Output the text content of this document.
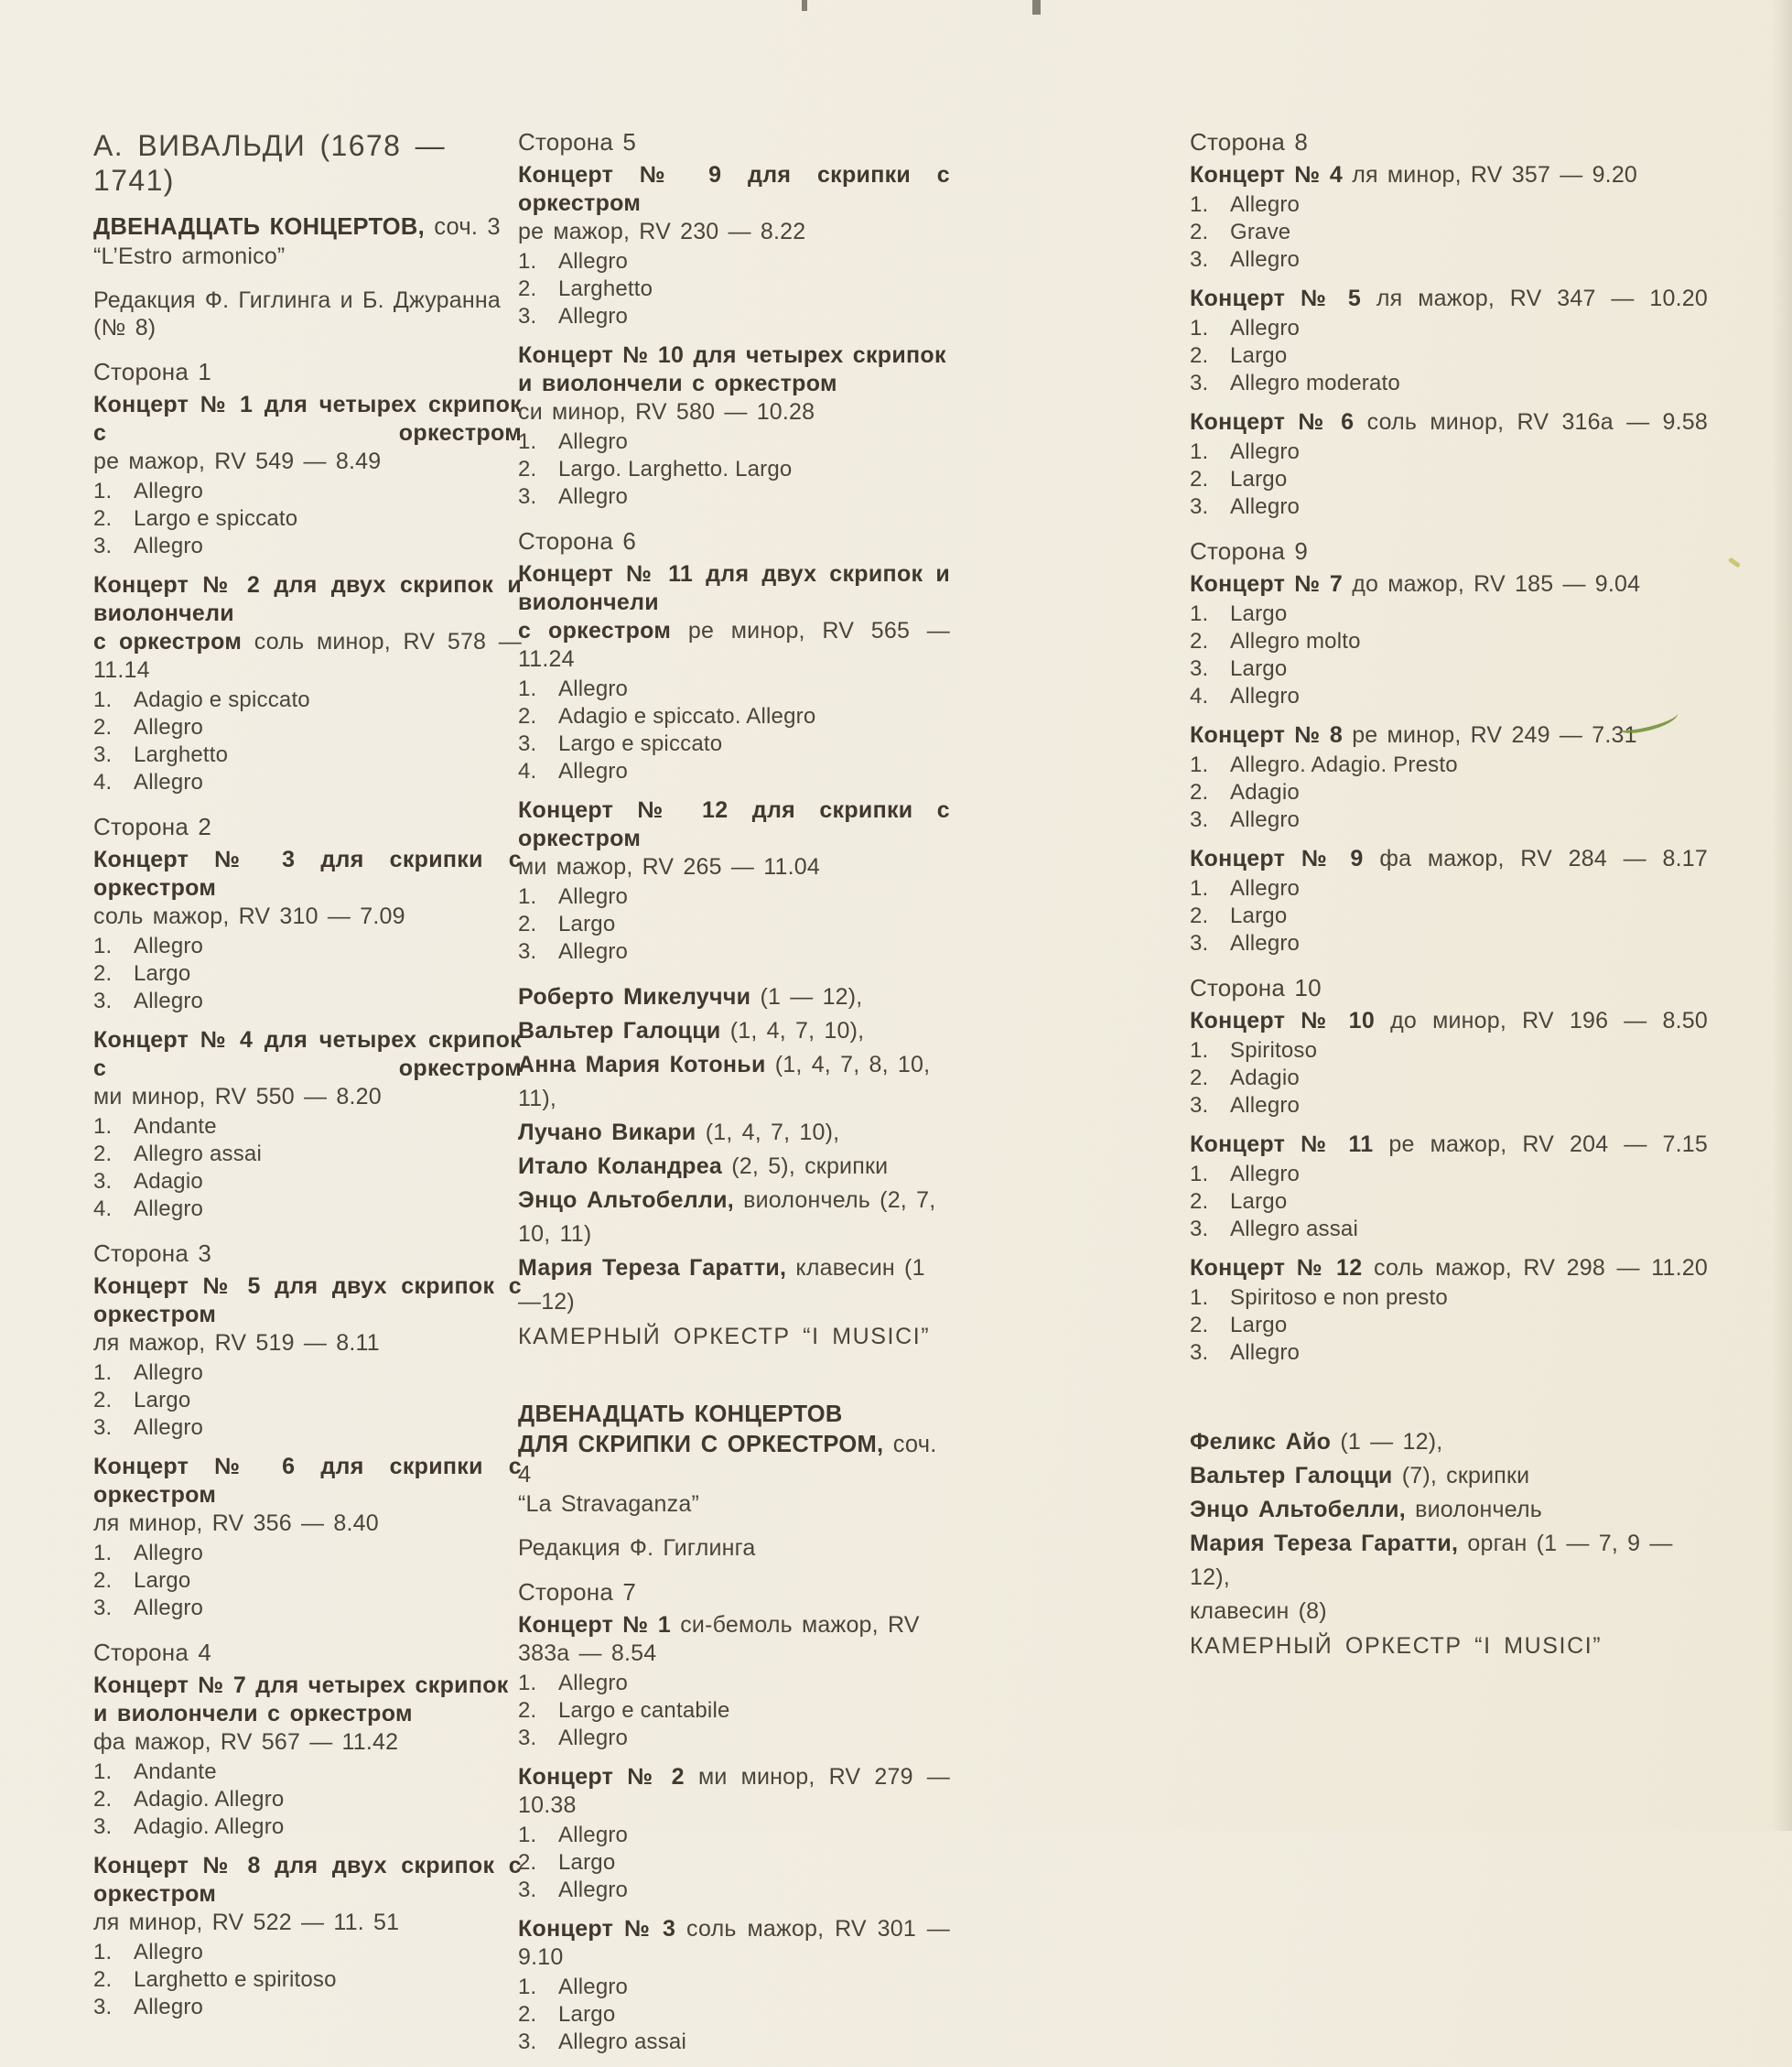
А. ВИВАЛЬДИ (1678 — 1741)

ДВЕНАДЦАТЬ КОНЦЕРТОВ, соч. 3

“L’Estro armonico”

Редакция Ф. Гиглинга и Б. Джуранна (№ 8)

Сторона 1

Концерт № 1 для четырех скрипок с оркестром

ре мажор, RV 549 — 8.49

1. Allegro

2. Largo e spiccato

3. Allegro

Концерт № 2 для двух скрипок и виолончели

с оркестром соль минор, RV 578 — 11.14

1. Adagio e spiccato

2. Allegro

3. Larghetto

4. Allegro

Сторона 2

Концерт № 3 для скрипки с оркестром

соль мажор, RV 310 — 7.09

1. Allegro

2. Largo

3. Allegro

Концерт № 4 для четырех скрипок с оркестром

ми минор, RV 550 — 8.20

1. Andante

2. Allegro assai

3. Adagio

4. Allegro

Сторона 3

Концерт № 5 для двух скрипок с оркестром

ля мажор, RV 519 — 8.11

1. Allegro

2. Largo

3. Allegro

Концерт № 6 для скрипки с оркестром

ля минор, RV 356 — 8.40

1. Allegro

2. Largo

3. Allegro

Сторона 4

Концерт № 7 для четырех скрипок

и виолончели с оркестром

фа мажор, RV 567 — 11.42

1. Andante

2. Adagio. Allegro

3. Adagio. Allegro

Концерт № 8 для двух скрипок с оркестром

ля минор, RV 522 — 11. 51

1. Allegro

2. Larghetto e spiritoso

3. Allegro

Сторона 5

Концерт № 9 для скрипки с оркестром

ре мажор, RV 230 — 8.22

1. Allegro

2. Larghetto

3. Allegro

Концерт № 10 для четырех скрипок

и виолончели с оркестром

си минор, RV 580 — 10.28

1. Allegro

2. Largo. Larghetto. Largo

3. Allegro

Сторона 6

Концерт № 11 для двух скрипок и виолончели

с оркестром ре минор, RV 565 — 11.24

1. Allegro

2. Adagio e spiccato. Allegro

3. Largo e spiccato

4. Allegro

Концерт № 12 для скрипки с оркестром

ми мажор, RV 265 — 11.04

1. Allegro

2. Largo

3. Allegro

Роберто Микелуччи (1 — 12),

Вальтер Галоцци (1, 4, 7, 10),

Анна Мария Котоньи (1, 4, 7, 8, 10, 11),

Лучано Викари (1, 4, 7, 10),

Итало Коландреа (2, 5), скрипки

Энцо Альтобелли, виолончель (2, 7, 10, 11)

Мария Тереза Гаратти, клавесин (1 —12)

КАМЕРНЫЙ ОРКЕСТР “I MUSICI”

ДВЕНАДЦАТЬ КОНЦЕРТОВ

ДЛЯ СКРИПКИ С ОРКЕСТРОМ, соч. 4

“La Stravaganza”

Редакция Ф. Гиглинга

Сторона 7

Концерт № 1 си-бемоль мажор, RV 383a — 8.54

1. Allegro

2. Largo e cantabile

3. Allegro

Концерт № 2 ми минор, RV 279 — 10.38

1. Allegro

2. Largo

3. Allegro

Концерт № 3 соль мажор, RV 301 — 9.10

1. Allegro

2. Largo

3. Allegro assai

Сторона 8

Концерт № 4 ля минор, RV 357 — 9.20

1. Allegro

2. Grave

3. Allegro

Концерт № 5 ля мажор, RV 347 — 10.20

1. Allegro

2. Largo

3. Allegro moderato

Концерт № 6 соль минор, RV 316a — 9.58

1. Allegro

2. Largo

3. Allegro

Сторона 9

Концерт № 7 до мажор, RV 185 — 9.04

1. Largo

2. Allegro molto

3. Largo

4. Allegro

Концерт № 8 ре минор, RV 249 — 7.31

1. Allegro. Adagio. Presto

2. Adagio

3. Allegro

Концерт № 9 фа мажор, RV 284 — 8.17

1. Allegro

2. Largo

3. Allegro

Сторона 10

Концерт № 10 до минор, RV 196 — 8.50

1. Spiritoso

2. Adagio

3. Allegro

Концерт № 11 ре мажор, RV 204 — 7.15

1. Allegro

2. Largo

3. Allegro assai

Концерт № 12 соль мажор, RV 298 — 11.20

1. Spiritoso e non presto

2. Largo

3. Allegro

Феликс Айо (1 — 12),

Вальтер Галоцци (7), скрипки

Энцо Альтобелли, виолончель

Мария Тереза Гаратти, орган (1 — 7, 9 — 12),

клавесин (8)

КАМЕРНЫЙ ОРКЕСТР “I MUSICI”
